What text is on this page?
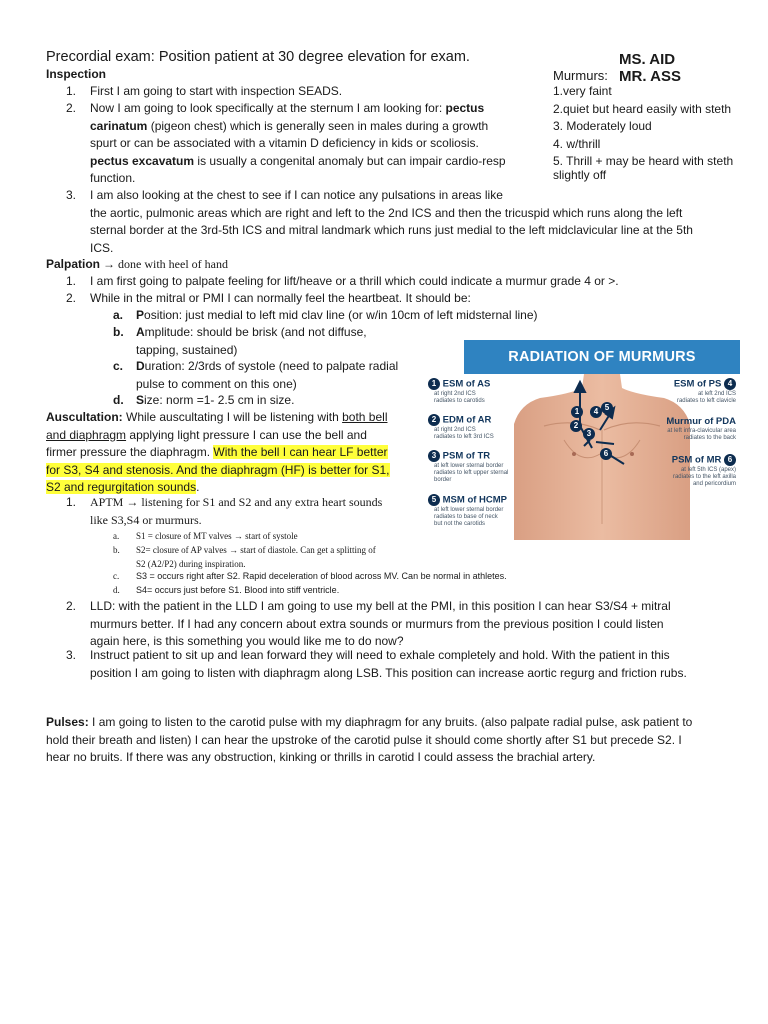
Precordial exam: Position patient at 30 degree elevation for exam.	MS. AID
MR. ASS
Murmurs:
1.very faint
2.quiet but heard easily with steth
3. Moderately loud
4. w/thrill
5. Thrill + may be heard with steth
slightly off
Inspection
1. First I am going to start with inspection SEADS.
2. Now I am going to look specifically at the sternum I am looking for: pectus
carinatum (pigeon chest) which is generally seen in males during a growth
spurt or can be associated with a vitamin D deficiency in kids or scoliosis.
pectus excavatum is usually a congenital anomaly but can impair cardio-resp
function.
3. I am also looking at the chest to see if I can notice any pulsations in areas like
the aortic, pulmonic areas which are right and left to the 2nd ICS and then the tricuspid which runs along the left
sternal border at the 3rd-5th ICS and mitral landmark which runs just medial to the left midclavicular line at the 5th
ICS.
Palpation → done with heel of hand
1. I am first going to palpate feeling for lift/heave or a thrill which could indicate a murmur grade 4 or >.
2. While in the mitral or PMI I can normally feel the heartbeat. It should be:
a. Position: just medial to left mid clav line (or w/in 10cm of left midsternal line)
b. Amplitude: should be brisk (and not diffuse,
tapping, sustained)
c. Duration: 2/3rds of systole (need to palpate radial
pulse to comment on this one)
d. Size: norm =1- 2.5 cm in size.
Auscultation: While auscultating I will be listening with both bell
and diaphragm applying light pressure I can use the bell and
firmer pressure the diaphragm. With the bell I can hear LF better
for S3, S4 and stenosis. And the diaphragm (HF) is better for S1,
S2 and regurgitation sounds.
1. APTM → listening for S1 and S2 and any extra heart sounds
like S3,S4 or murmurs.
a. S1 = closure of MT valves → start of systole
b. S2= closure of AP valves → start of diastole. Can get a splitting of
S2 (A2/P2) during inspiration.
c. S3 = occurs right after S2. Rapid deceleration of blood across MV. Can be normal in athletes.
d. S4= occurs just before S1. Blood into stiff ventricle.
2. LLD: with the patient in the LLD I am going to use my bell at the PMI, in this position I can hear S3/S4 + mitral
murmurs better. If I had any concern about extra sounds or murmurs from the previous position I could listen
again here, is this something you would like me to do now?
3. Instruct patient to sit up and lean forward they will need to exhale completely and hold. With the patient in this
position I am going to listen with diaphragm along LSB. This position can increase aortic regurg and friction rubs.
Pulses: I am going to listen to the carotid pulse with my diaphragm for any bruits. (also palpate radial pulse, ask patient to
hold their breath and listen) I can hear the upstroke of the carotid pulse it should come shortly after S1 but precede S2. I
hear no bruits. If there was any obstruction, kinking or thrills in carotid I could assess the brachial artery.
RADIATION OF MURMURS
1
2
3
4 5
6
1 ESM of AS
at right 2nd ICS
radiates to carotids
2 EDM of AR
at right 2nd ICS
radiates to left 3rd ICS
3 PSM of TR
at left lower sternal border
radiates to left upper sternal
border
5 MSM of HCMP
at left lower sternal border
radiates to base of neck
but not the carotids
ESM of PS 4
at left 2nd ICS
radiates to left clavicle
Murmur of PDA
at left infra-clavicular area
radiates to the back
PSM of MR 6
at left 5th ICS (apex)
radiates to the left axilla
and pericordium
